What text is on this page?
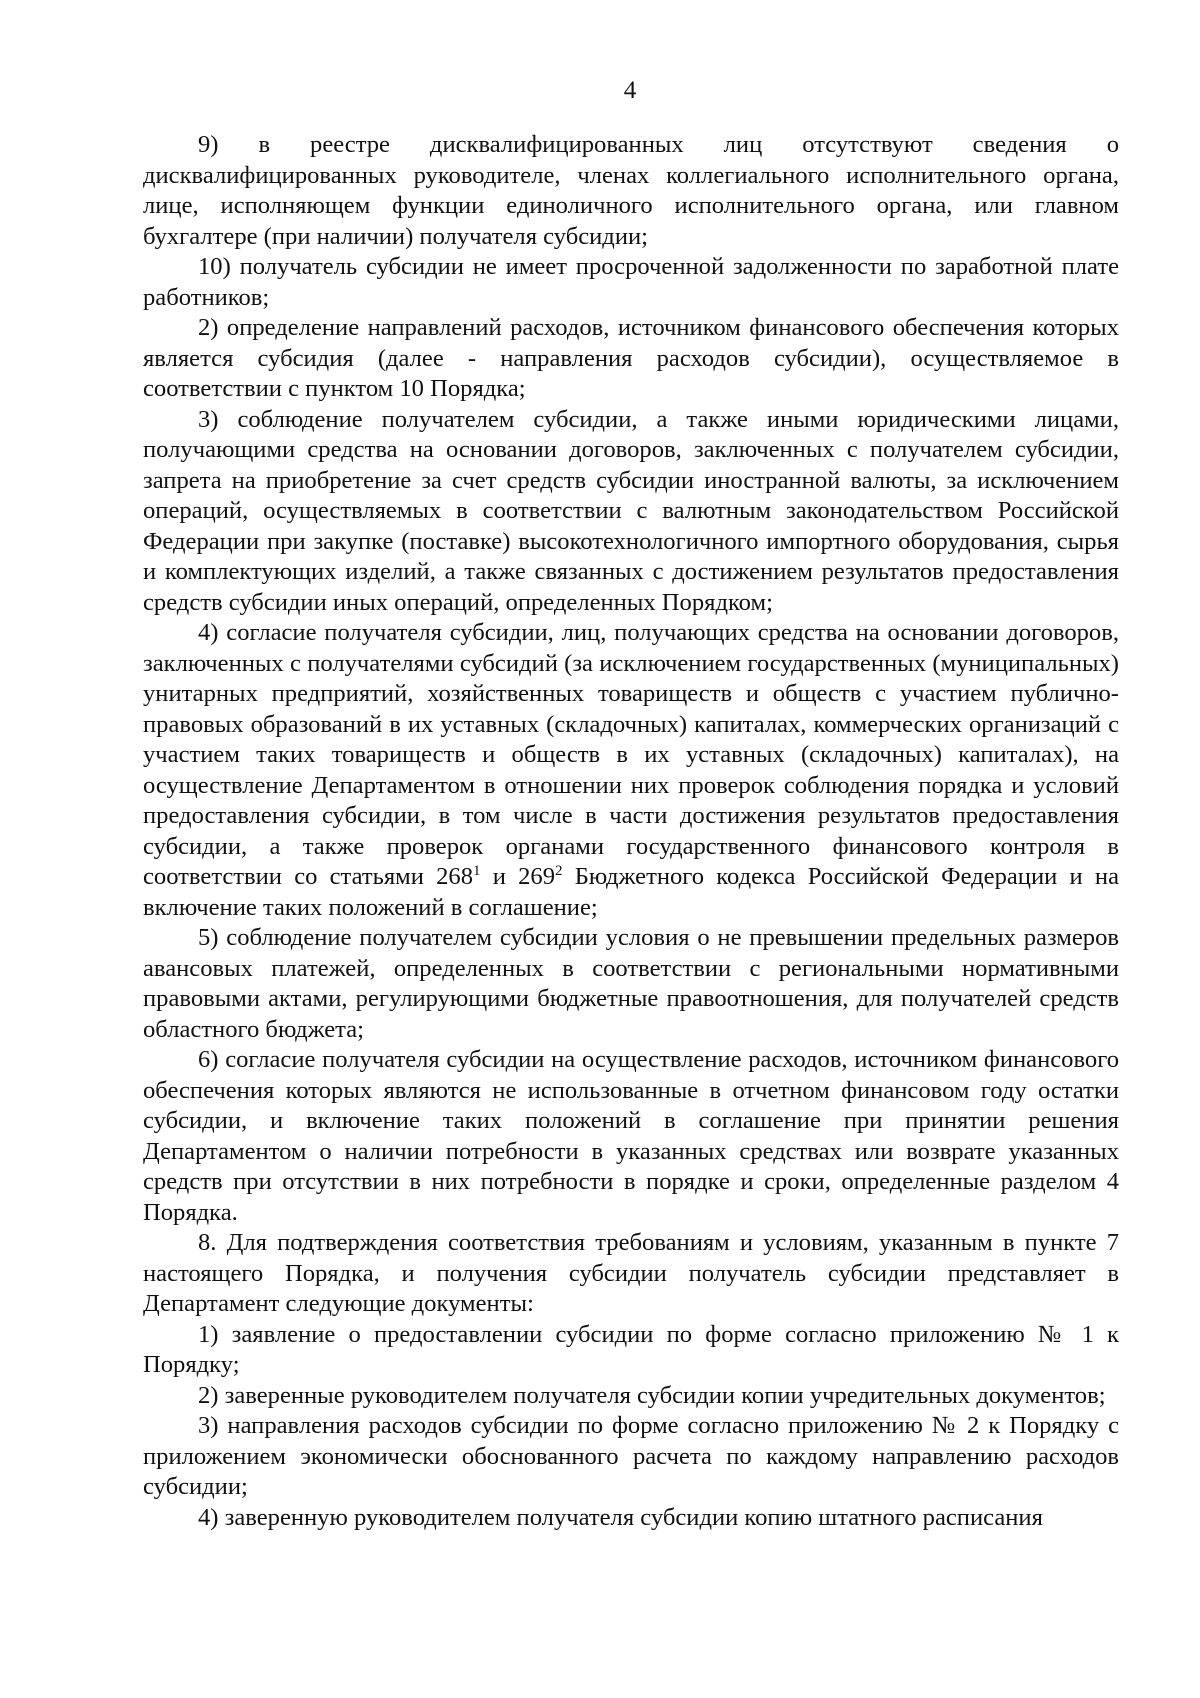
4

9) в реестре дисквалифицированных лиц отсутствуют сведения о дисквалифицированных руководителе, членах коллегиального исполнительного органа, лице, исполняющем функции единоличного исполнительного органа, или главном бухгалтере (при наличии) получателя субсидии;

10) получатель субсидии не имеет просроченной задолженности по заработной плате работников;

2) определение направлений расходов, источником финансового обеспечения которых является субсидия (далее - направления расходов субсидии), осуществляемое в соответствии с пунктом 10 Порядка;

3) соблюдение получателем субсидии, а также иными юридическими лицами, получающими средства на основании договоров, заключенных с получателем субсидии, запрета на приобретение за счет средств субсидии иностранной валюты, за исключением операций, осуществляемых в соответствии с валютным законодательством Российской Федерации при закупке (поставке) высокотехнологичного импортного оборудования, сырья и комплектующих изделий, а также связанных с достижением результатов предоставления средств субсидии иных операций, определенных Порядком;

4) согласие получателя субсидии, лиц, получающих средства на основании договоров, заключенных с получателями субсидий (за исключением государственных (муниципальных) унитарных предприятий, хозяйственных товариществ и обществ с участием публично-правовых образований в их уставных (складочных) капиталах, коммерческих организаций с участием таких товариществ и обществ в их уставных (складочных) капиталах), на осуществление Департаментом в отношении них проверок соблюдения порядка и условий предоставления субсидии, в том числе в части достижения результатов предоставления субсидии, а также проверок органами государственного финансового контроля в соответствии со статьями $268^1$ и $269^2$ Бюджетного кодекса Российской Федерации и на включение таких положений в соглашение;

5) соблюдение получателем субсидии условия о не превышении предельных размеров авансовых платежей, определенных в соответствии с региональными нормативными правовыми актами, регулирующими бюджетные правоотношения, для получателей средств областного бюджета;

6) согласие получателя субсидии на осуществление расходов, источником финансового обеспечения которых являются не использованные в отчетном финансовом году остатки субсидии, и включение таких положений в соглашение при принятии решения Департаментом о наличии потребности в указанных средствах или возврате указанных средств при отсутствии в них потребности в порядке и сроки, определенные разделом 4 Порядка.

8. Для подтверждения соответствия требованиям и условиям, указанным в пункте 7 настоящего Порядка, и получения субсидии получатель субсидии представляет в Департамент следующие документы:

1) заявление о предоставлении субсидии по форме согласно приложению № 1 к Порядку;

2) заверенные руководителем получателя субсидии копии учредительных документов;

3) направления расходов субсидии по форме согласно приложению № 2 к Порядку с приложением экономически обоснованного расчета по каждому направлению расходов субсидии;

4) заверенную руководителем получателя субсидии копию штатного расписания
